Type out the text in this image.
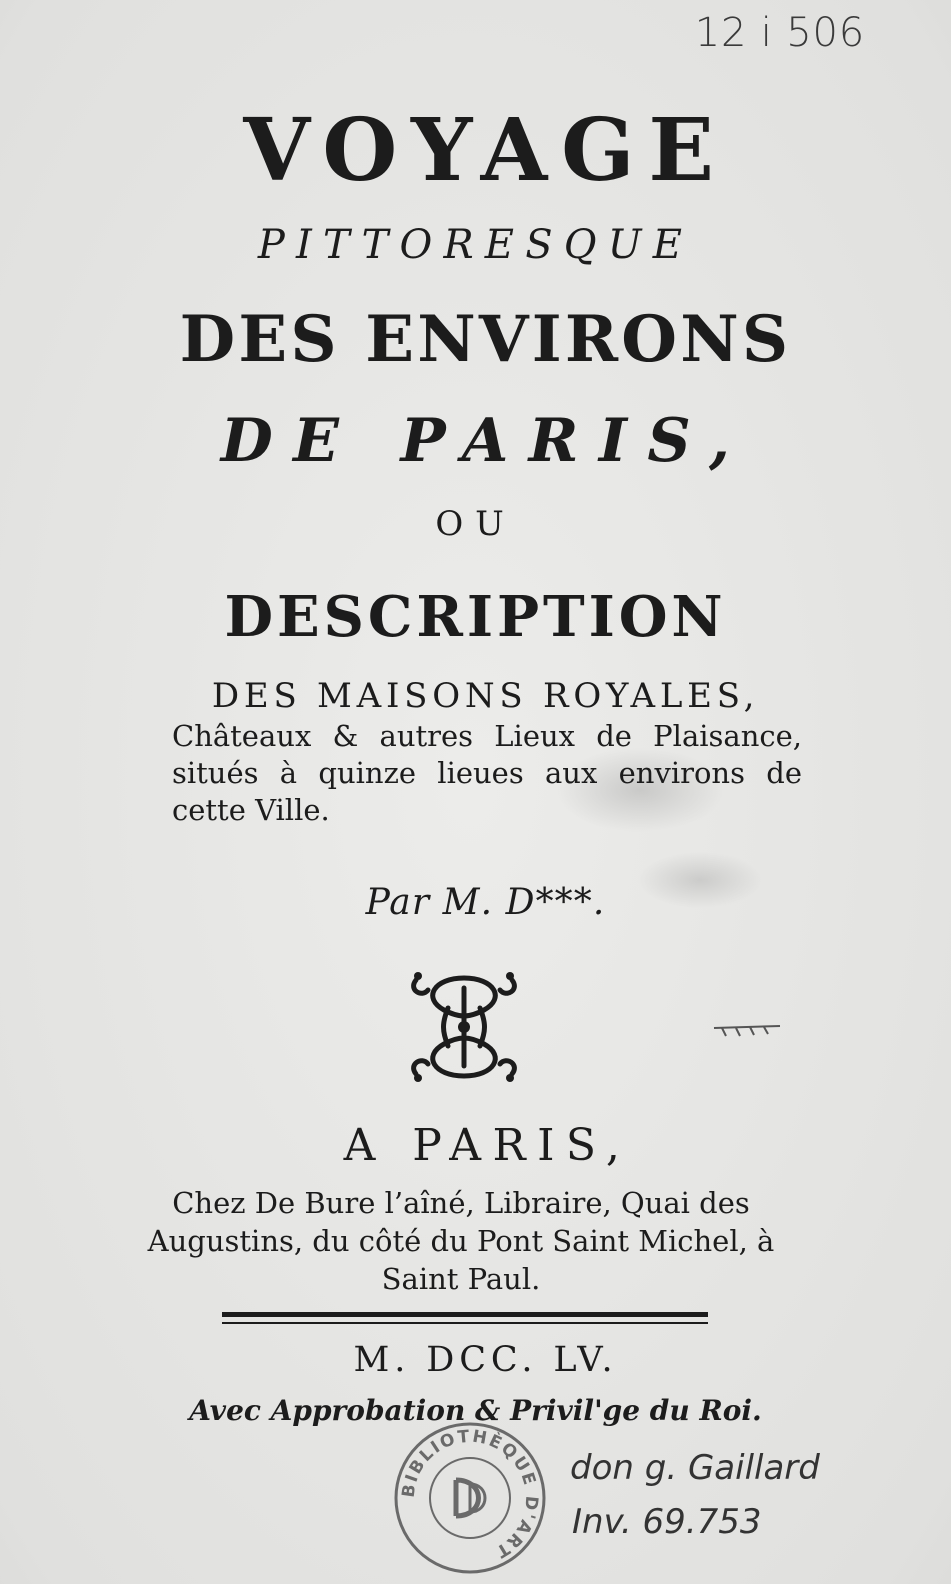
12 i 506

VOYAGE

PITTORESQUE

DES ENVIRONS

DE PARIS,

OU

DESCRIPTION

DES MAISONS ROYALES,

Châteaux & autres Lieux de Plaisance, situés à quinze lieues aux environs de cette Ville.

Par M. D***.

A PARIS,

Chez De Bure l’aîné, Libraire, Quai des Augustins, du côté du Pont Saint Michel, à Saint Paul.

M. DCC. LV.

Avec Approbation & Privil'ge du Roi.

BIBLIOTHÈQUE D'ART
don g. Gaillard
Inv. 69.753
